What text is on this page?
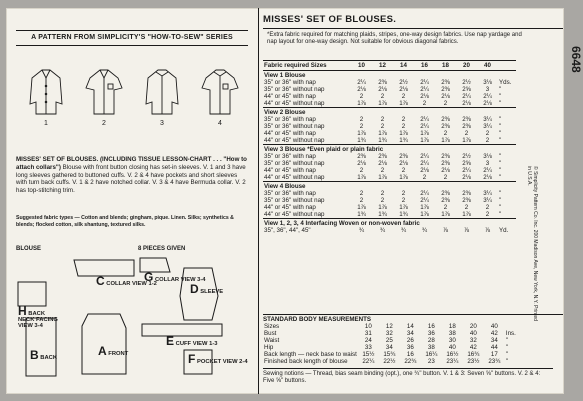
A PATTERN FROM SIMPLICITY'S "HOW-TO-SEW" SERIES
1	2	3	4
MISSES' SET OF BLOUSES. (INCLUDING TISSUE LESSON-CHART . . . "How to attach collars") Blouse with front button closing has set-in sleeves. V. 1 and 3 have long sleeves gathered to buttoned cuffs. V. 2 & 4 have pockets and short sleeves with turn back cuffs. V. 1 & 2 have notched collar. V. 3 & 4 have Bermuda collar. V. 2 has top-stitching trim.
Suggested fabric types — Cotton and blends; gingham, pique. Linen. Silks; synthetics & blends; flocked cotton, silk shantung, textured silks.
BLOUSE	8 PIECES GIVEN
C COLLAR VIEW 1-2
G COLLAR VIEW 3-4
D SLEEVE
H BACK NECK FACING VIEW 3-4
B BACK	A FRONT
E CUFF VIEW 1-3
F POCKET VIEW 2-4
MISSES' SET OF BLOUSES.
6648
© Simplicity Pattern Co. Inc. 200 Madison Ave, New York, N.Y. Printed in U.S.A.
*Extra fabric required for matching plaids, stripes, one-way design fabrics. Use nap yardage and nap layout for one-way design. Not suitable for obvious diagonal fabrics.
Fabric required Sizes	10	12	14	16	18	20	40	
View 1 Blouse								
35" or 36" with nap	2¼	2⅜	2½	2¼	2⅜	2½	3⅛	Yds.
35" or 36" without nap	2⅛	2⅛	2⅛	2¼	2⅜	2⅝	3	"
44" or 45" with nap	2	2	2	2⅛	2⅛	2¼	2¼	"
44" or 45" without nap	1⅞	1⅞	1⅞	2	2	2⅛	2⅛	"
View 2 Blouse								
35" or 36" with nap	2	2	2	2¼	2⅜	2⅜	3¼	"
35" or 36" without nap	2	2	2	2¼	2⅜	2⅜	3¼	"
44" or 45" with nap	1⅞	1⅞	1⅞	1⅞	2	2	2	"
44" or 45" without nap	1¾	1¾	1¾	1⅞	1⅞	1⅞	2	"
View 3 Blouse *Even plaid or plain fabric								
35" or 36" with nap	2⅜	2⅜	2⅜	2¼	2⅜	2½	3⅛	"
35" or 36" without nap	2⅛	2⅛	2⅛	2¼	2⅜	2⅝	3	"
44" or 45" with nap	2	2	2	2⅛	2⅛	2¼	2¼	"
44" or 45" without nap	1⅞	1⅞	1⅞	2	2	2⅛	2⅛	"
View 4 Blouse								
35" or 36" with nap	2	2	2	2¼	2⅜	2⅜	3¼	"
35" or 36" without nap	2	2	2	2¼	2⅜	2⅜	3¼	"
44" or 45" with nap	1⅞	1⅞	1⅞	1⅞	2	2	2	"
44" or 45" without nap	1¾	1¾	1¾	1⅞	1⅞	1⅞	2	"
View 1, 2, 3, 4 Interfacing Woven or non-woven fabric								
35", 36", 44", 45"	¾	¾	¾	¾	⅞	⅞	⅞	Yd.
STANDARD BODY MEASUREMENTS
Sizes	10	12	14	16	18	20	40	
Bust	31	32	34	36	38	40	42	Ins.
Waist	24	25	26	28	30	32	34	"
Hip	33	34	36	38	40	42	44	"
Back length — neck base to waist	15½	15¾	16	16¼	16½	16¾	17	"
Finished back length of blouse	22¼	22½	22¾	23	23¼	23½	23¾	"
Sewing notions — Thread, bias seam binding (opt.), one ¾" button. V. 1 & 3: Seven ⅝" buttons. V. 2 & 4: Five ⅝" buttons.
